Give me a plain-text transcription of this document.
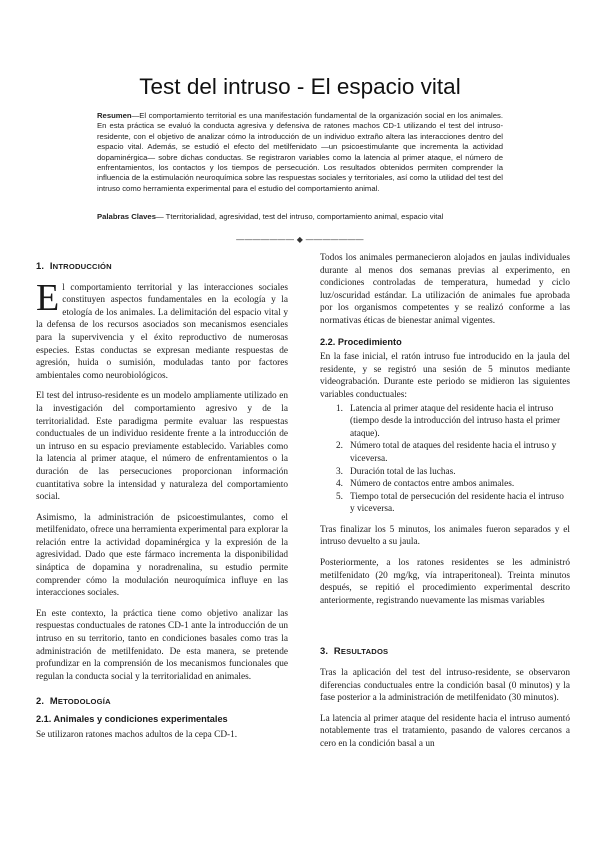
Test del intruso - El espacio vital
Resumen—El comportamiento territorial es una manifestación fundamental de la organización social en los animales. En esta práctica se evaluó la conducta agresiva y defensiva de ratones machos CD-1 utilizando el test del intruso-residente, con el objetivo de analizar cómo la introducción de un individuo extraño altera las interacciones dentro del espacio vital. Además, se estudió el efecto del metilfenidato —un psicoestimulante que incrementa la actividad dopaminérgica— sobre dichas conductas. Se registraron variables como la latencia al primer ataque, el número de enfrentamientos, los contactos y los tiempos de persecución. Los resultados obtenidos permiten comprender la influencia de la estimulación neuroquímica sobre las respuestas sociales y territoriales, así como la utilidad del test del intruso como herramienta experimental para el estudio del comportamiento animal.
Palabras Claves— Tterritorialidad, agresividad, test del intruso, comportamiento animal, espacio vital
——————— ◆ ———————
1. INTRODUCCIÓN

El comportamiento territorial y las interacciones sociales constituyen aspectos fundamentales en la ecología y la etología de los animales. La delimitación del espacio vital y la defensa de los recursos asociados son mecanismos esenciales para la supervivencia y el éxito reproductivo de numerosas especies. Estas conductas se expresan mediante respuestas de agresión, huida o sumisión, moduladas tanto por factores ambientales como neurobiológicos.

El test del intruso-residente es un modelo ampliamente utilizado en la investigación del comportamiento agresivo y de la territorialidad. Este paradigma permite evaluar las respuestas conductuales de un individuo residente frente a la introducción de un intruso en su espacio previamente establecido. Variables como la latencia al primer ataque, el número de enfrentamientos o la duración de las persecuciones proporcionan información cuantitativa sobre la intensidad y naturaleza del comportamiento social.

Asimismo, la administración de psicoestimulantes, como el metilfenidato, ofrece una herramienta experimental para explorar la relación entre la actividad dopaminérgica y la expresión de la agresividad. Dado que este fármaco incrementa la disponibilidad sináptica de dopamina y noradrenalina, su estudio permite comprender cómo la modulación neuroquímica influye en las interacciones sociales.

En este contexto, la práctica tiene como objetivo analizar las respuestas conductuales de ratones CD-1 ante la introducción de un intruso en su territorio, tanto en condiciones basales como tras la administración de metilfenidato. De esta manera, se pretende profundizar en la comprensión de los mecanismos funcionales que regulan la conducta social y la territorialidad en animales.

2. METODOLOGÍA
2.1. Animales y condiciones experimentales

Se utilizaron ratones machos adultos de la cepa CD-1.

Todos los animales permanecieron alojados en jaulas individuales durante al menos dos semanas previas al experimento, en condiciones controladas de temperatura, humedad y ciclo luz/oscuridad estándar. La utilización de animales fue aprobada por los organismos competentes y se realizó conforme a las normativas éticas de bienestar animal vigentes.

2.2. Procedimiento

En la fase inicial, el ratón intruso fue introducido en la jaula del residente, y se registró una sesión de 5 minutos mediante videograbación. Durante este periodo se midieron las siguientes variables conductuales:

1. Latencia al primer ataque del residente hacia el intruso (tiempo desde la introducción del intruso hasta el primer ataque).
2. Número total de ataques del residente hacia el intruso y viceversa.
3. Duración total de las luchas.
4. Número de contactos entre ambos animales.
5. Tiempo total de persecución del residente hacia el intruso y viceversa.

Tras finalizar los 5 minutos, los animales fueron separados y el intruso devuelto a su jaula.

Posteriormente, a los ratones residentes se les administró metilfenidato (20 mg/kg, vía intraperitoneal). Treinta minutos después, se repitió el procedimiento experimental descrito anteriormente, registrando nuevamente las mismas variables

3. RESULTADOS

Tras la aplicación del test del intruso-residente, se observaron diferencias conductuales entre la condición basal (0 minutos) y la fase posterior a la administración de metilfenidato (30 minutos).

La latencia al primer ataque del residente hacia el intruso aumentó notablemente tras el tratamiento, pasando de valores cercanos a cero en la condición basal a un
